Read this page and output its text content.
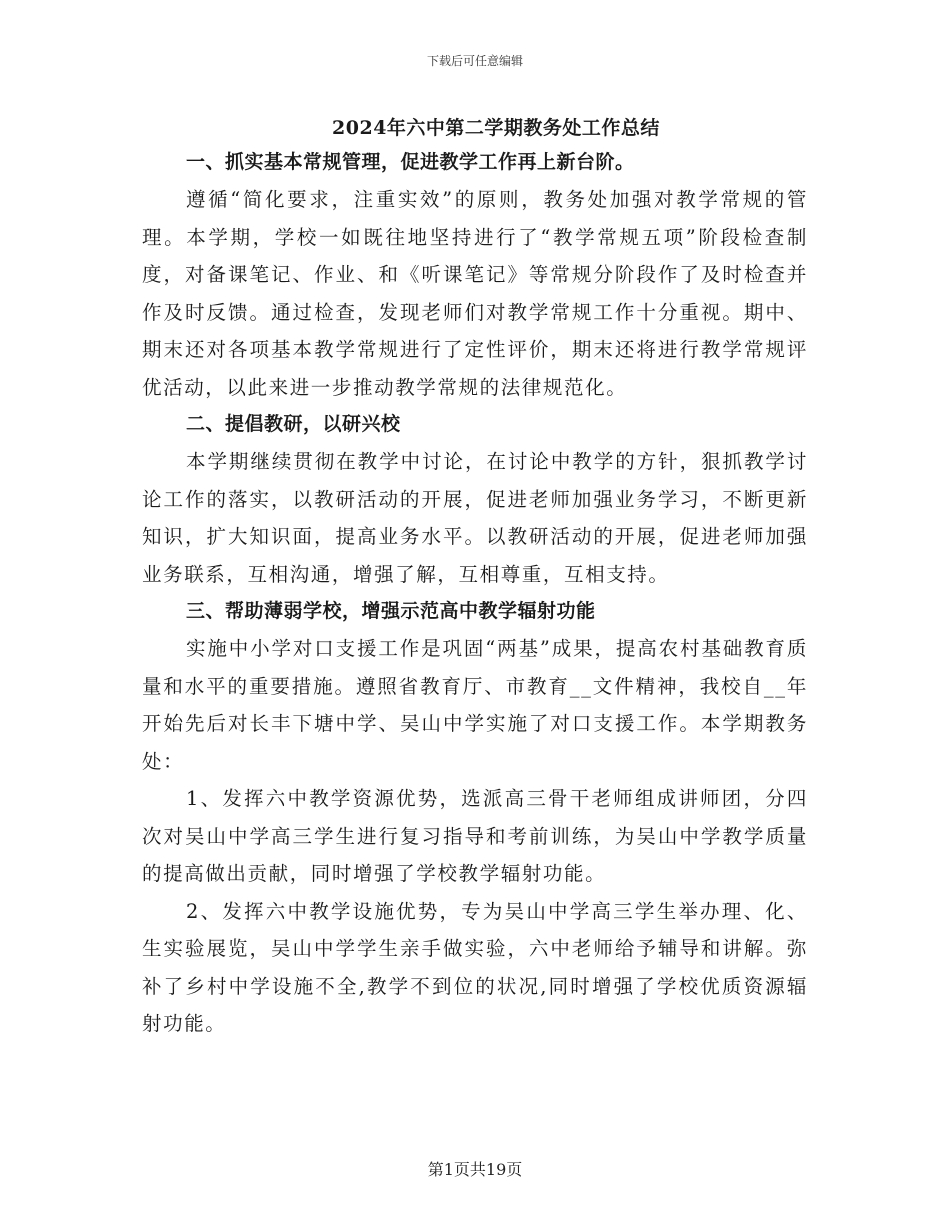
下载后可任意编辑
2024年六中第二学期教务处工作总结
一、抓实基本常规管理，促进教学工作再上新台阶。

遵循“简化要求，注重实效”的原则，教务处加强对教学常规的管理。本学期，学校一如既往地坚持进行了“教学常规五项”阶段检查制度，对备课笔记、作业、和《听课笔记》等常规分阶段作了及时检查并作及时反馈。通过检查，发现老师们对教学常规工作十分重视。期中、期末还对各项基本教学常规进行了定性评价，期末还将进行教学常规评优活动，以此来进一步推动教学常规的法律规范化。

二、提倡教研，以研兴校

本学期继续贯彻在教学中讨论，在讨论中教学的方针，狠抓教学讨论工作的落实，以教研活动的开展，促进老师加强业务学习，不断更新知识，扩大知识面，提高业务水平。以教研活动的开展，促进老师加强业务联系，互相沟通，增强了解，互相尊重，互相支持。

三、帮助薄弱学校，增强示范高中教学辐射功能

实施中小学对口支援工作是巩固“两基”成果，提高农村基础教育质量和水平的重要措施。遵照省教育厅、市教育__文件精神，我校自__年开始先后对长丰下塘中学、吴山中学实施了对口支援工作。本学期教务处：

1、发挥六中教学资源优势，选派高三骨干老师组成讲师团，分四次对吴山中学高三学生进行复习指导和考前训练，为吴山中学教学质量的提高做出贡献，同时增强了学校教学辐射功能。

2、发挥六中教学设施优势，专为吴山中学高三学生举办理、化、生实验展览，吴山中学学生亲手做实验，六中老师给予辅导和讲解。弥补了乡村中学设施不全,教学不到位的状况,同时增强了学校优质资源辐射功能。

第1页共19页
